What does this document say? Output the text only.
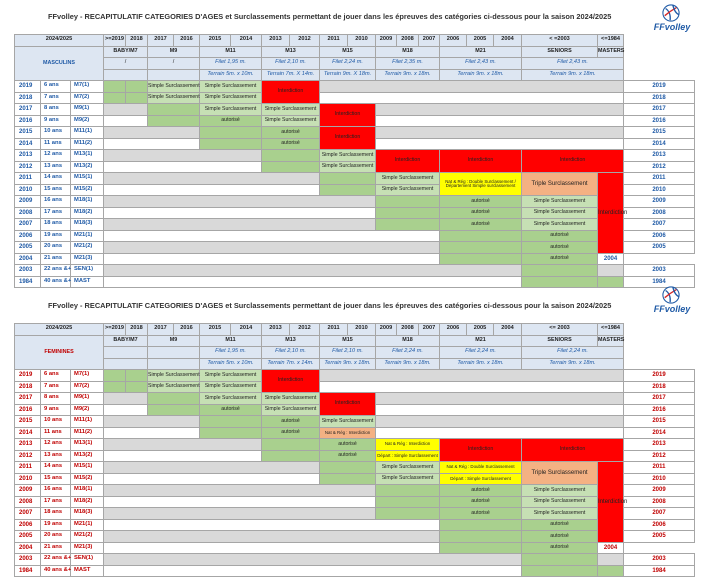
FFvolley - RECAPITULATIF CATEGORIES D'AGES et Surclassements permettant de jouer dans les épreuves des catégories ci-dessous pour la saison 2024/2025
FFvolley
2024/2025			>=2019	2018	2017	2016	2015	2014	2013	2012	2011	2010	2009	2008	2007	2006	2005	2004	< =2003	<=1984	
MASCULINS			BABY/M7		M9		M11		M13		M15		M18			M21			SENIORS	MASTERS	
			/		/		Filet 1,95 m.		Filet 2,10 m.		Filet 2,24 m.		Filet 2,35 m.			Filet 2,43 m.			Filet 2,43 m.		
							Terrain 5m. x 10m.		Terrain 7m. X 14m.		Terrain 9m. X 18m.		Terrain 9m. x 18m.			Terrain 9m. x 18m.			Terrain 9m. x 18m.		
2019	6 ans	M7(1)			Simple Surclassement		Simple Surclassement		Interdiction												2019
2018	7 ans	M7(2)			Simple Surclassement		Simple Surclassement														2018
2017	8 ans	M9(1)					Simple Surclassement		Simple Surclassement		Interdiction										2017
2016	9 ans	M9(2)					autorisé		Simple Surclassement												2016
2015	10 ans	M11(1)							autorisé		Interdiction										2015
2014	11 ans	M11(2)							autorisé												2014
2013	12 ans	M13(1)									Simple Surclassement		Interdiction			Interdiction			Interdiction		2013
2012	13 ans	M13(2)									Simple Surclassement										2012
2011	14 ans	M15(1)											Simple Surclassement			Nat & Rég : Double Surclassement / Département Simple surclassement			Triple Surclassement	Interdiction	2011
2010	15 ans	M15(2)											Simple Surclassement								2010
2009	16 ans	M18(1)														autorisé			Simple Surclassement		2009
2008	17 ans	M18(2)														autorisé			Simple Surclassement		2008
2007	18 ans	M18(3)														autorisé			Simple Surclassement		2007
2006	19 ans	M21(1)																	autorisé		2006
2005	20 ans	M21(2)																	autorisé		2005
2004	21 ans	M21(3)																	autorisé	2004	
2003	22 ans &+	SEN(1)																			2003
1984	40 ans &+	MAST																			1984
FFvolley - RECAPITULATIF CATEGORIES D'AGES et Surclassements permettant de jouer dans les épreuves des catégories ci-dessous pour la saison 2024/2025	FFvolley
2024/2025			>=2019	2018	2017	2016	2015	2014	2013	2012	2011	2010	2009	2008	2007	2006	2005	2004	<= 2003	<=1984	
FEMININES			BABY/M7		M9		M11		M13		M15		M18			M21			SENIORS	MASTERS	
							Filet 1,95 m.		Filet 2,10 m.		Filet 2,10 m.		Filet 2,24 m.			Filet 2,24 m.			Filet 2,24 m.		
							Terrain 5m. x 10m.		Terrain 7m. x 14m.		Terrain 9m. x 18m.		Terrain 9m. x 18m.			Terrain 9m. x 18m.			Terrain 9m. x 18m.		
2019	6 ans	M7(1)			Simple Surclassement		Simple Surclassement		Interdiction												2019
2018	7 ans	M7(2)			Simple Surclassement		Simple Surclassement														2018
2017	8 ans	M9(1)					Simple Surclassement		Simple Surclassement		Interdiction										2017
2016	9 ans	M9(2)					autorisé		Simple Surclassement												2016
2015	10 ans	M11(1)							autorisé		Simple Surclassement										2015
2014	11 ans	M11(2)							autorisé		Nat & Rég : Interdiction										2014
2013	12 ans	M13(1)									autorisé		Nat & Rég : Interdiction			Interdiction			Interdiction		2013
2012	13 ans	M13(2)									autorisé		Départ : Simple Surclassement								2012
2011	14 ans	M15(1)											Simple Surclassement			Nat & Rég : Double Surclassement			Triple Surclassement	Interdiction	2011
2010	15 ans	M15(2)											Simple Surclassement			Départ : Simple Surclassement					2010
2009	16 ans	M18(1)														autorisé			Simple Surclassement		2009
2008	17 ans	M18(2)														autorisé			Simple Surclassement		2008
2007	18 ans	M18(3)														autorisé			Simple Surclassement		2007
2006	19 ans	M21(1)																	autorisé		2006
2005	20 ans	M21(2)																	autorisé		2005
2004	21 ans	M21(3)																	autorisé	2004	
2003	22 ans &+	SEN(1)																			2003
1984	40 ans &+	MAST																			1984
